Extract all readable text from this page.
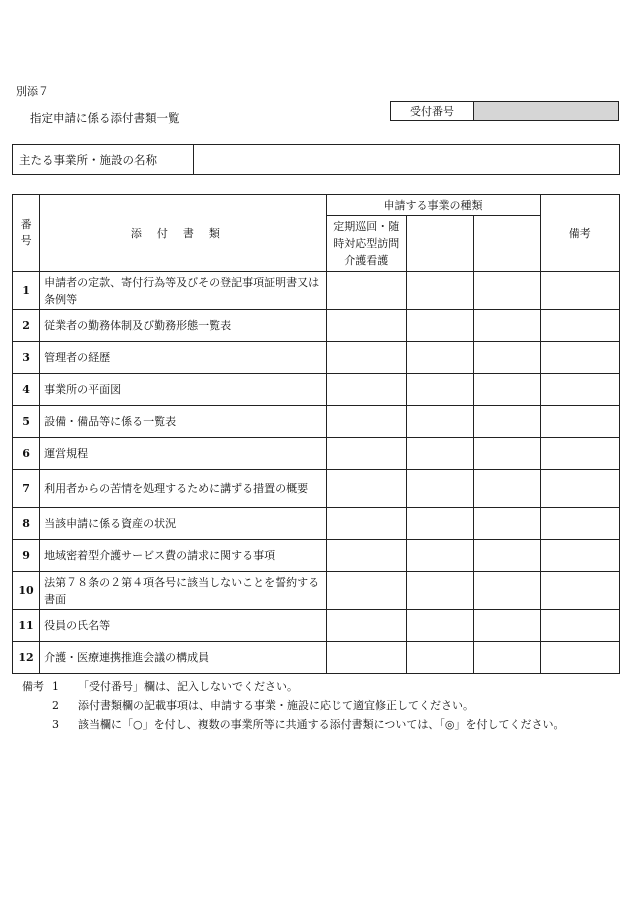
別添７
指定申請に係る添付書類一覧	受付番号	
主たる事業所・施設の名称	
番号	添付書類	申請する事業の種類			備考
		定期巡回・随時対応型訪問介護看護			
1	申請者の定款、寄付行為等及びその登記事項証明書又は条例等				
2	従業者の勤務体制及び勤務形態一覧表				
3	管理者の経歴				
4	事業所の平面図				
5	設備・備品等に係る一覧表				
6	運営規程				
7	利用者からの苦情を処理するために講ずる措置の概要				
8	当該申請に係る資産の状況				
9	地域密着型介護サービス費の請求に関する事項				
10	法第７８条の２第４項各号に該当しないことを誓約する書面				
11	役員の氏名等				
12	介護・医療連携推進会議の構成員				
備考 1	「受付番号」欄は、記入しないでください。
2	添付書類欄の記載事項は、申請する事業・施設に応じて適宜修正してください。
3	該当欄に「○」を付し、複数の事業所等に共通する添付書類については、「◎」を付してください。
